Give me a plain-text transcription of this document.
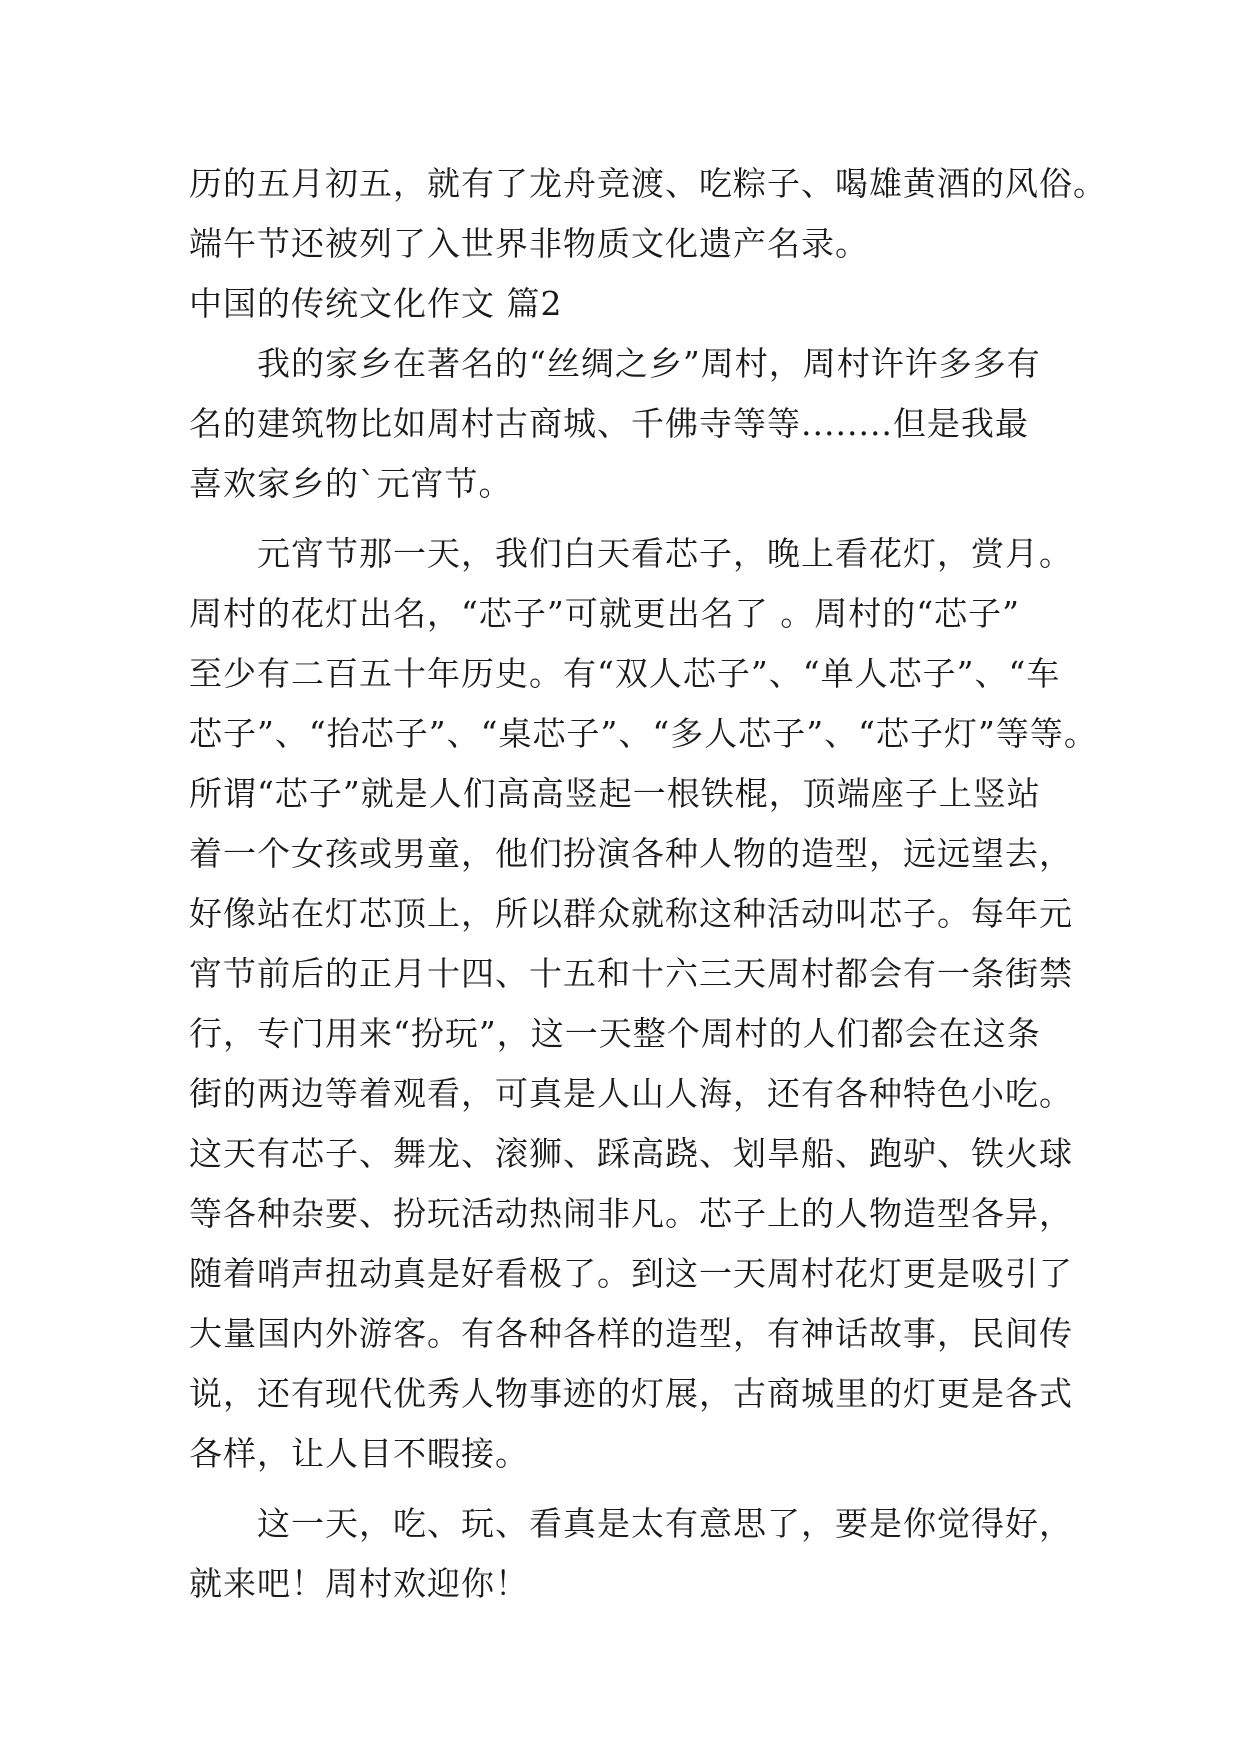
历的五月初五，就有了龙舟竞渡、吃粽子、喝雄黄酒的风俗。
端午节还被列了入世界非物质文化遗产名录。
中国的传统文化作文 篇2
　　我的家乡在著名的“丝绸之乡”周村，周村许许多多有
名的建筑物比如周村古商城、千佛寺等等........但是我最
喜欢家乡的`元宵节。
　　元宵节那一天，我们白天看芯子，晚上看花灯，赏月。
周村的花灯出名，“芯子”可就更出名了 。周村的“芯子”
至少有二百五十年历史。有“双人芯子”、“单人芯子”、“车
芯子”、“抬芯子”、“桌芯子”、“多人芯子”、“芯子灯”等等。
所谓“芯子”就是人们高高竖起一根铁棍，顶端座子上竖站
着一个女孩或男童，他们扮演各种人物的造型，远远望去，
好像站在灯芯顶上，所以群众就称这种活动叫芯子。每年元
宵节前后的正月十四、十五和十六三天周村都会有一条街禁
行，专门用来“扮玩”，这一天整个周村的人们都会在这条
街的两边等着观看，可真是人山人海，还有各种特色小吃。
这天有芯子、舞龙、滚狮、踩高跷、划旱船、跑驴、铁火球
等各种杂要、扮玩活动热闹非凡。芯子上的人物造型各异，
随着哨声扭动真是好看极了。到这一天周村花灯更是吸引了
大量国内外游客。有各种各样的造型，有神话故事，民间传
说，还有现代优秀人物事迹的灯展，古商城里的灯更是各式
各样，让人目不暇接。
　　这一天，吃、玩、看真是太有意思了，要是你觉得好，
就来吧！周村欢迎你！
